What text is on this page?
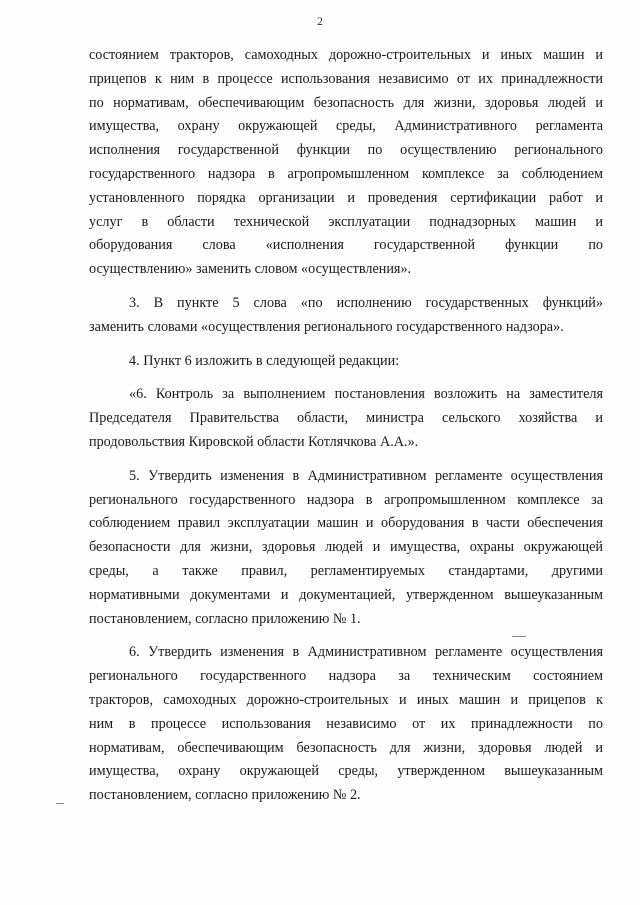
2
состоянием тракторов, самоходных дорожно-строительных и иных машин и
прицепов к ним в процессе использования независимо от их принадлежности
по нормативам, обеспечивающим безопасность для жизни, здоровья людей и
имущества, охрану окружающей среды, Административного регламента
исполнения государственной функции по осуществлению регионального
государственного надзора в агропромышленном комплексе за соблюдением
установленного порядка организации и проведения сертификации работ и
услуг в области технической эксплуатации поднадзорных машин и
оборудования слова «исполнения государственной функции по
осуществлению» заменить словом «осуществления».
3. В пункте 5 слова «по исполнению государственных функций»
заменить словами «осуществления регионального государственного надзора».
4. Пункт 6 изложить в следующей редакции:
«6. Контроль за выполнением постановления возложить на заместителя
Председателя Правительства области, министра сельского хозяйства и
продовольствия Кировской области Котлячкова А.А.».
5. Утвердить изменения в Административном регламенте осуществления
регионального государственного надзора в агропромышленном комплексе за
соблюдением правил эксплуатации машин и оборудования в части обеспечения
безопасности для жизни, здоровья людей и имущества, охраны окружающей
среды, а также правил, регламентируемых стандартами, другими
нормативными документами и документацией, утвержденном вышеуказанным
постановлением, согласно приложению № 1.
6. Утвердить изменения в Административном регламенте осуществления
регионального государственного надзора за техническим состоянием
тракторов, самоходных дорожно-строительных и иных машин и прицепов к
ним в процессе использования независимо от их принадлежности по
нормативам, обеспечивающим безопасность для жизни, здоровья людей и
имущества, охрану окружающей среды, утвержденном вышеуказанным
постановлением, согласно приложению № 2.
